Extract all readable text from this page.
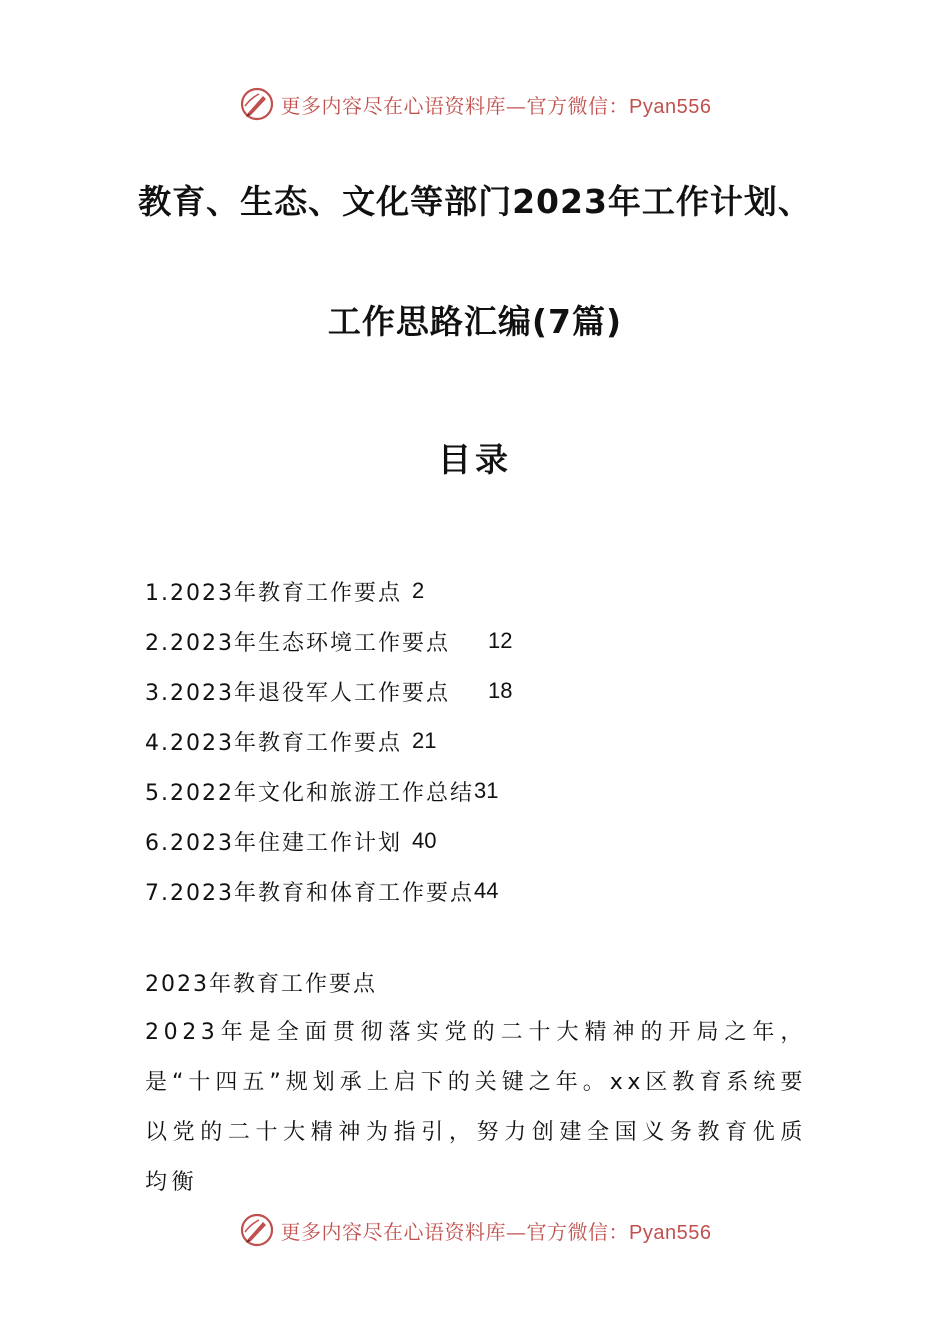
更多内容尽在心语资料库—官方微信：Pyan556
教育、生态、文化等部门2023年工作计划、
工作思路汇编(7篇)
目录
1.2023年教育工作要点 2
2.2023年生态环境工作要点 12
3.2023年退役军人工作要点 18
4.2023年教育工作要点 21
5.2022年文化和旅游工作总结 31
6.2023年住建工作计划 40
7.2023年教育和体育工作要点 44
2023年教育工作要点
2023年是全面贯彻落实党的二十大精神的开局之年，是“十四五”规划承上启下的关键之年。xx区教育系统要以党的二十大精神为指引，努力创建全国义务教育优质均衡
更多内容尽在心语资料库—官方微信：Pyan556
